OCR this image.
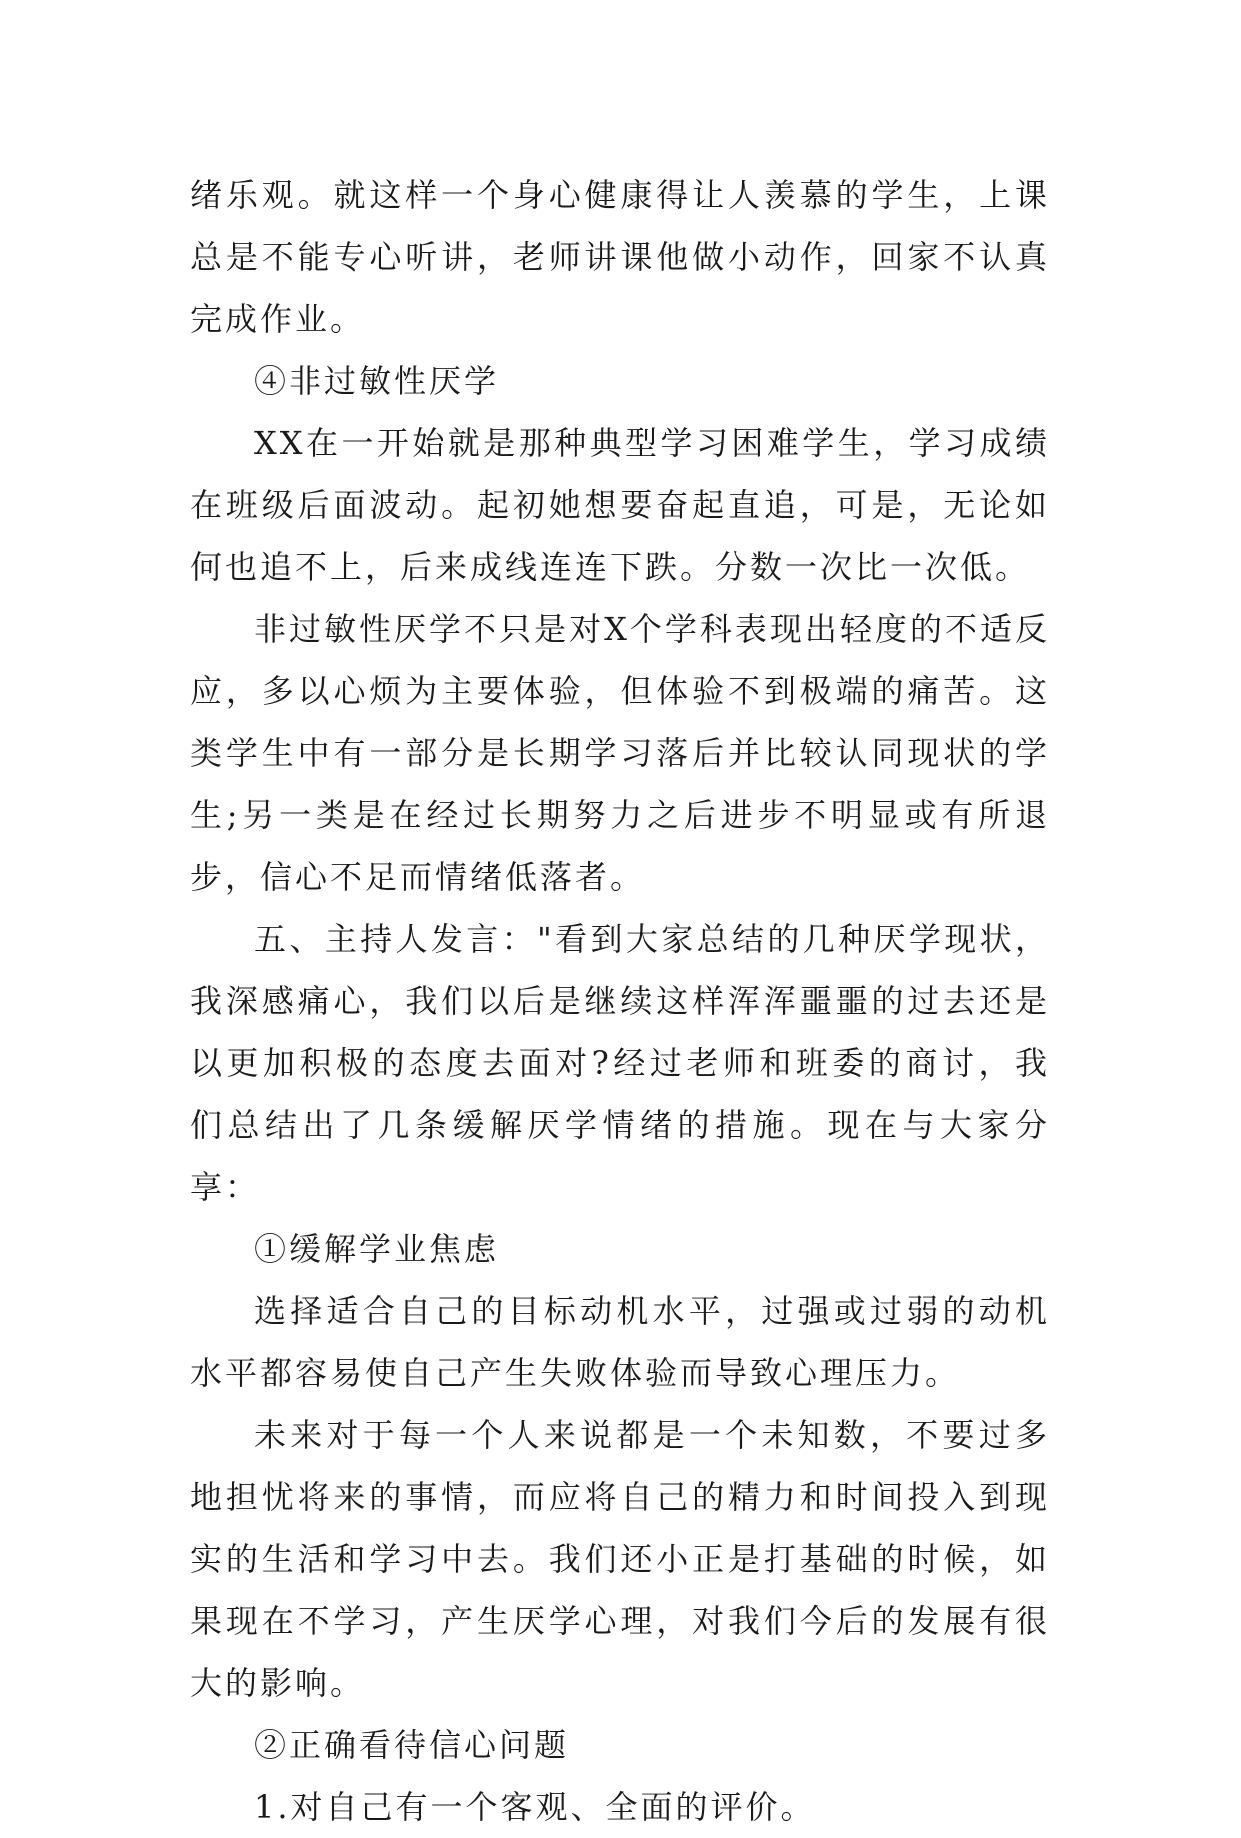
绪乐观。就这样一个身心健康得让人羡慕的学生，上课总是不能专心听讲，老师讲课他做小动作，回家不认真完成作业。

④非过敏性厌学

XX在一开始就是那种典型学习困难学生，学习成绩在班级后面波动。起初她想要奋起直追，可是，无论如何也追不上，后来成线连连下跌。分数一次比一次低。

非过敏性厌学不只是对X个学科表现出轻度的不适反应，多以心烦为主要体验，但体验不到极端的痛苦。这类学生中有一部分是长期学习落后并比较认同现状的学生;另一类是在经过长期努力之后进步不明显或有所退步，信心不足而情绪低落者。

五、主持人发言："看到大家总结的几种厌学现状，我深感痛心，我们以后是继续这样浑浑噩噩的过去还是以更加积极的态度去面对?经过老师和班委的商讨，我们总结出了几条缓解厌学情绪的措施。现在与大家分享：

①缓解学业焦虑

选择适合自己的目标动机水平，过强或过弱的动机水平都容易使自己产生失败体验而导致心理压力。

未来对于每一个人来说都是一个未知数，不要过多地担忧将来的事情，而应将自己的精力和时间投入到现实的生活和学习中去。我们还小正是打基础的时候，如果现在不学习，产生厌学心理，对我们今后的发展有很大的影响。

②正确看待信心问题

1.对自己有一个客观、全面的评价。
